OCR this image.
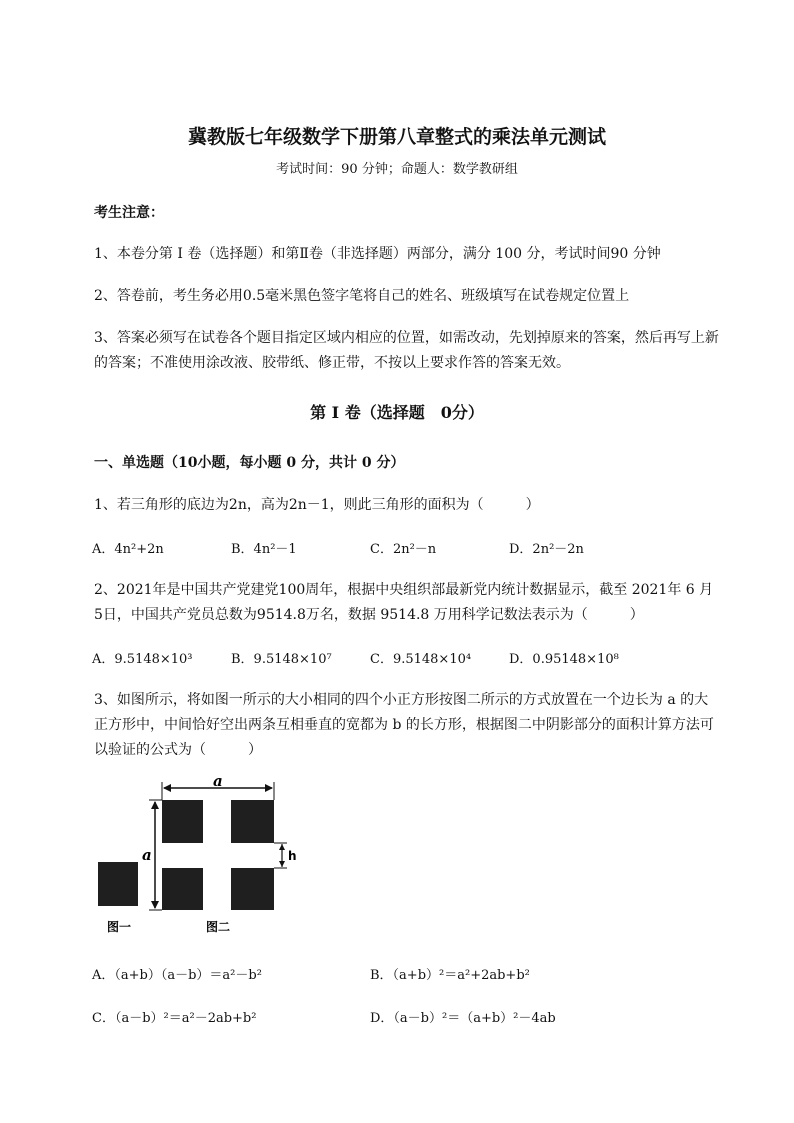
冀教版七年级数学下册第八章整式的乘法单元测试
考试时间：90 分钟；命题人：数学教研组
考生注意：
1、本卷分第 I 卷（选择题）和第Ⅱ卷（非选择题）两部分，满分 100 分，考试时间90 分钟
2、答卷前，考生务必用0.5毫米黑色签字笔将自己的姓名、班级填写在试卷规定位置上
3、答案必须写在试卷各个题目指定区域内相应的位置，如需改动，先划掉原来的答案，然后再写上新
的答案；不准使用涂改液、胶带纸、修正带，不按以上要求作答的答案无效。
第 I 卷（选择题　0分）
一、单选题（10小题，每小题 0 分，共计 0 分）
1、若三角形的底边为2n，高为2n－1，则此三角形的面积为（　　　）
A．4n²+2n	B．4n²－1	C．2n²－n	D．2n²－2n
2、2021年是中国共产党建党100周年，根据中央组织部最新党内统计数据显示，截至 2021年 6 月
5日，中国共产党员总数为9514.8万名，数据 9514.8 万用科学记数法表示为（　　　）
A．9.5148×10³	B．9.5148×10⁷	C．9.5148×10⁴	D．0.95148×10⁸
3、如图所示，将如图一所示的大小相同的四个小正方形按图二所示的方式放置在一个边长为 a 的大
正方形中，中间恰好空出两条互相垂直的宽都为 b 的长方形，根据图二中阴影部分的面积计算方法可
以验证的公式为（　　　）
a
a	h
图一	图二
A．（a+b）（a－b）＝a²－b²	B．（a+b）²＝a²+2ab+b²
C．（a－b）²＝a²－2ab+b²	D．（a－b）²＝（a+b）²－4ab
